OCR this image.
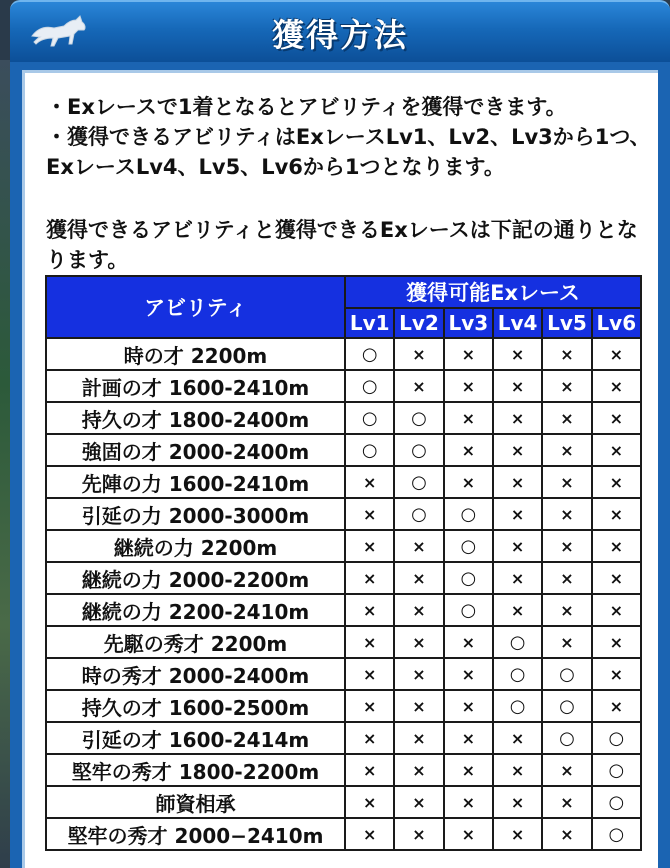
獲得方法

・Exレースで1着となるとアビリティを獲得できます。

・獲得できるアビリティはExレースLv1、Lv2、Lv3から1つ、ExレースLv4、Lv5、Lv6から1つとなります。

獲得できるアビリティと獲得できるExレースは下記の通りとなります。
アビリティ	獲得可能Exレース					
	Lv1	Lv2	Lv3	Lv4	Lv5	Lv6
時の才 2200m	○	×	×	×	×	×
計画の才 1600-2410m	○	×	×	×	×	×
持久の才 1800-2400m	○	○	×	×	×	×
強固の才 2000-2400m	○	○	×	×	×	×
先陣の力 1600-2410m	×	○	×	×	×	×
引延の力 2000-3000m	×	○	○	×	×	×
継続の力 2200m	×	×	○	×	×	×
継続の力 2000-2200m	×	×	○	×	×	×
継続の力 2200-2410m	×	×	○	×	×	×
先駆の秀才 2200m	×	×	×	○	×	×
時の秀才 2000-2400m	×	×	×	○	○	×
持久の才 1600-2500m	×	×	×	○	○	×
引延の才 1600-2414m	×	×	×	×	○	○
堅牢の秀才 1800-2200m	×	×	×	×	×	○
師資相承	×	×	×	×	×	○
堅牢の秀才 2000−2410m	×	×	×	×	×	○
